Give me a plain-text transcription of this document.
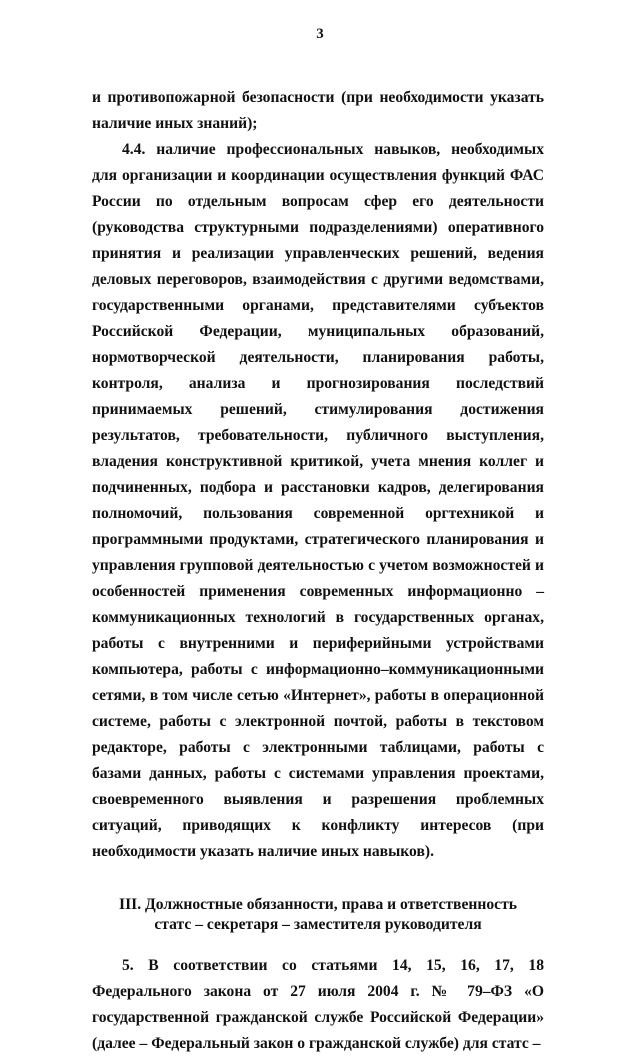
3

и противопожарной безопасности (при необходимости указать наличие иных знаний);

4.4. наличие профессиональных навыков, необходимых для организации и координации осуществления функций ФАС России по отдельным вопросам сфер его деятельности (руководства структурными подразделениями) оперативного принятия и реализации управленческих решений, ведения деловых переговоров, взаимодействия с другими ведомствами, государственными органами, представителями субъектов Российской Федерации, муниципальных образований, нормотворческой деятельности, планирования работы, контроля, анализа и прогнозирования последствий принимаемых решений, стимулирования достижения результатов, требовательности, публичного выступления, владения конструктивной критикой, учета мнения коллег и подчиненных, подбора и расстановки кадров, делегирования полномочий, пользования современной оргтехникой и программными продуктами, стратегического планирования и управления групповой деятельностью с учетом возможностей и особенностей применения современных информационно – коммуникационных технологий в государственных органах, работы с внутренними и периферийными устройствами компьютера, работы с информационно–коммуникационными сетями, в том числе сетью «Интернет», работы в операционной системе, работы с электронной почтой, работы в текстовом редакторе, работы с электронными таблицами, работы с базами данных, работы с системами управления проектами, своевременного выявления и разрешения проблемных ситуаций, приводящих к конфликту интересов (при необходимости указать наличие иных навыков).

III. Должностные обязанности, права и ответственность
статс – секретаря – заместителя руководителя

5. В соответствии со статьями 14, 15, 16, 17, 18 Федерального закона от 27 июля 2004 г. № 79–ФЗ «О государственной гражданской службе Российской Федерации» (далее – Федеральный закон о гражданской службе) для статс –
